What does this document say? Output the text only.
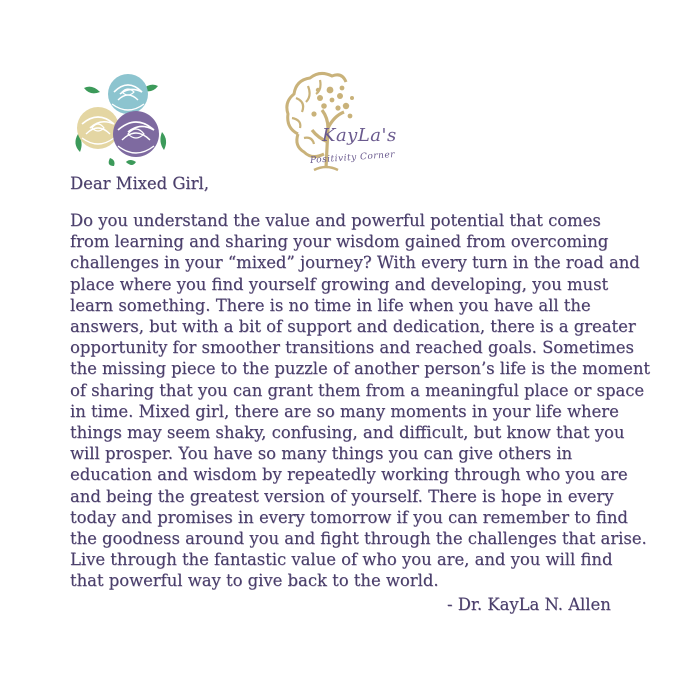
KayLa's
Positivity Corner
Dear Mixed Girl,
Do you understand the value and powerful potential that comes
from learning and sharing your wisdom gained from overcoming
challenges in your “mixed” journey? With every turn in the road and
place where you find yourself growing and developing, you must
learn something. There is no time in life when you have all the
answers, but with a bit of support and dedication, there is a greater
opportunity for smoother transitions and reached goals. Sometimes
the missing piece to the puzzle of another person’s life is the moment
of sharing that you can grant them from a meaningful place or space
in time. Mixed girl, there are so many moments in your life where
things may seem shaky, confusing, and difficult, but know that you
will prosper. You have so many things you can give others in
education and wisdom by repeatedly working through who you are
and being the greatest version of yourself. There is hope in every
today and promises in every tomorrow if you can remember to find
the goodness around you and fight through the challenges that arise.
Live through the fantastic value of who you are, and you will find
that powerful way to give back to the world.
- Dr. KayLa N. Allen
